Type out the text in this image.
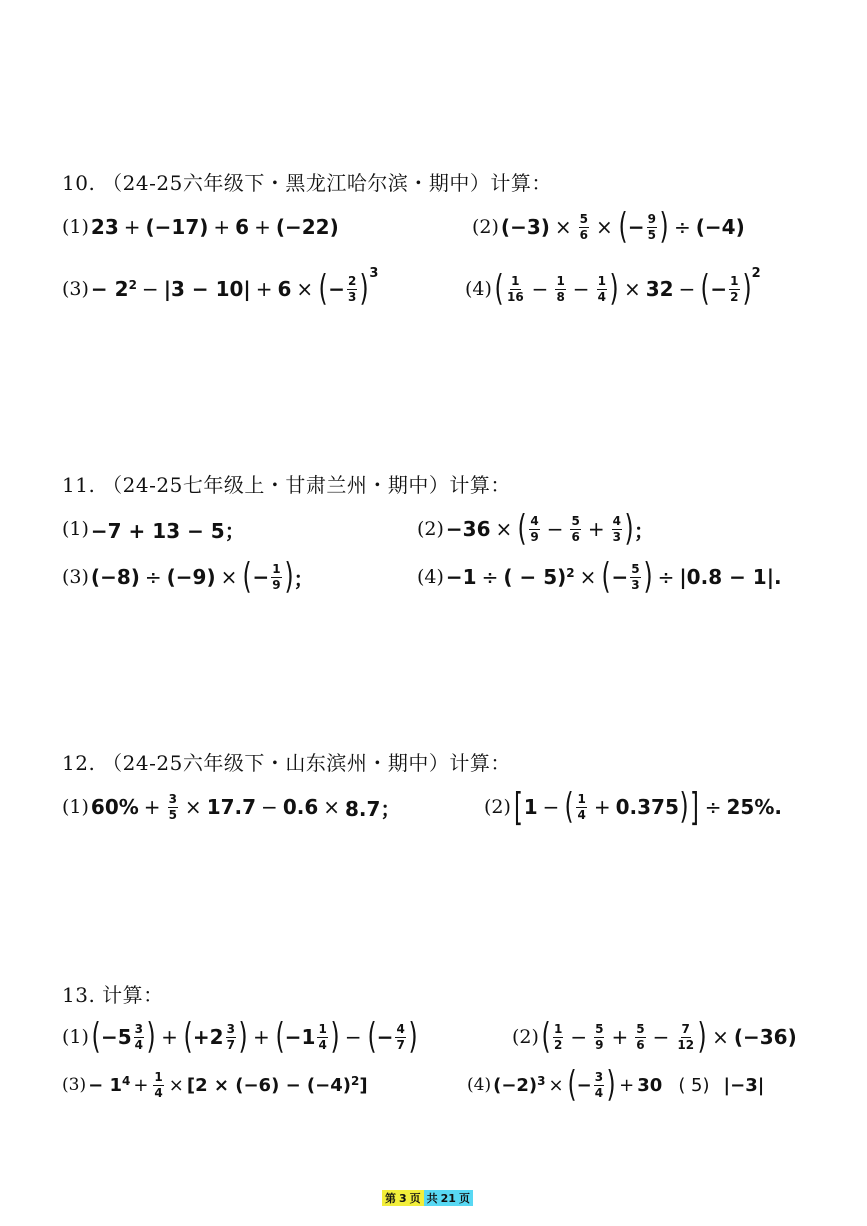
10. （24-25六年级下・黑龙江哈尔滨・期中）计算：
(1) 23 + (−17) + 6 + (−22)	(2) $(-3) \times \frac{5}{6}$ × ( − $\frac{9}{5}$ ) ÷ (−4)
$(3) - 2^2 - |3 - 10| + 6$ × ( − $\frac{2}{3}$ ) 3
(4) ( $\frac{1}{16} - \frac{1}{8} - \frac{1}{4}$ ) × 32 − ( − $\frac{1}{2}$ ) 2
11. （24-25七年级上・甘肃兰州・期中）计算：
(1) −7 + 13 − 5；	(2) −36 × ( $\frac{4}{9} - \frac{5}{6} + \frac{4}{3}$ ) ；
(3) (−8) ÷ (−9) × ( − $\frac{1}{9}$ ) ；	(4) −1 ÷ ( − 5)$^2$ × ( − $\frac{5}{3}$ ) ÷ |0.8 − 1|.
12. （24-25六年级下・山东滨州・期中）计算：
(1) $60\% + \frac{3}{5} \times 17.7 - 0.6 \times 8.7$；	(2) [ 1 − ( $\frac{1}{4} + 0.375$ ) ] ÷ 25%.
13. 计算：
(1) ( $-5 \frac{3}{4}$ ) + ( $+2 \frac{3}{7}$ ) + ( $-1 \frac{1}{4}$ ) − ( − $\frac{4}{7}$ )	(2) ( $\frac{1}{2} - \frac{5}{9} + \frac{5}{6} - \frac{7}{12}$ ) × (−36)
$(3) - 1^4 + \frac{1}{4} \times [2 \times (-6) - (-4)^2$ ]	(4) $(-2)^3$ × ( − $\frac{3}{4}$ ) + 30 ( 5) |−3|
第 3 页 共 21 页
